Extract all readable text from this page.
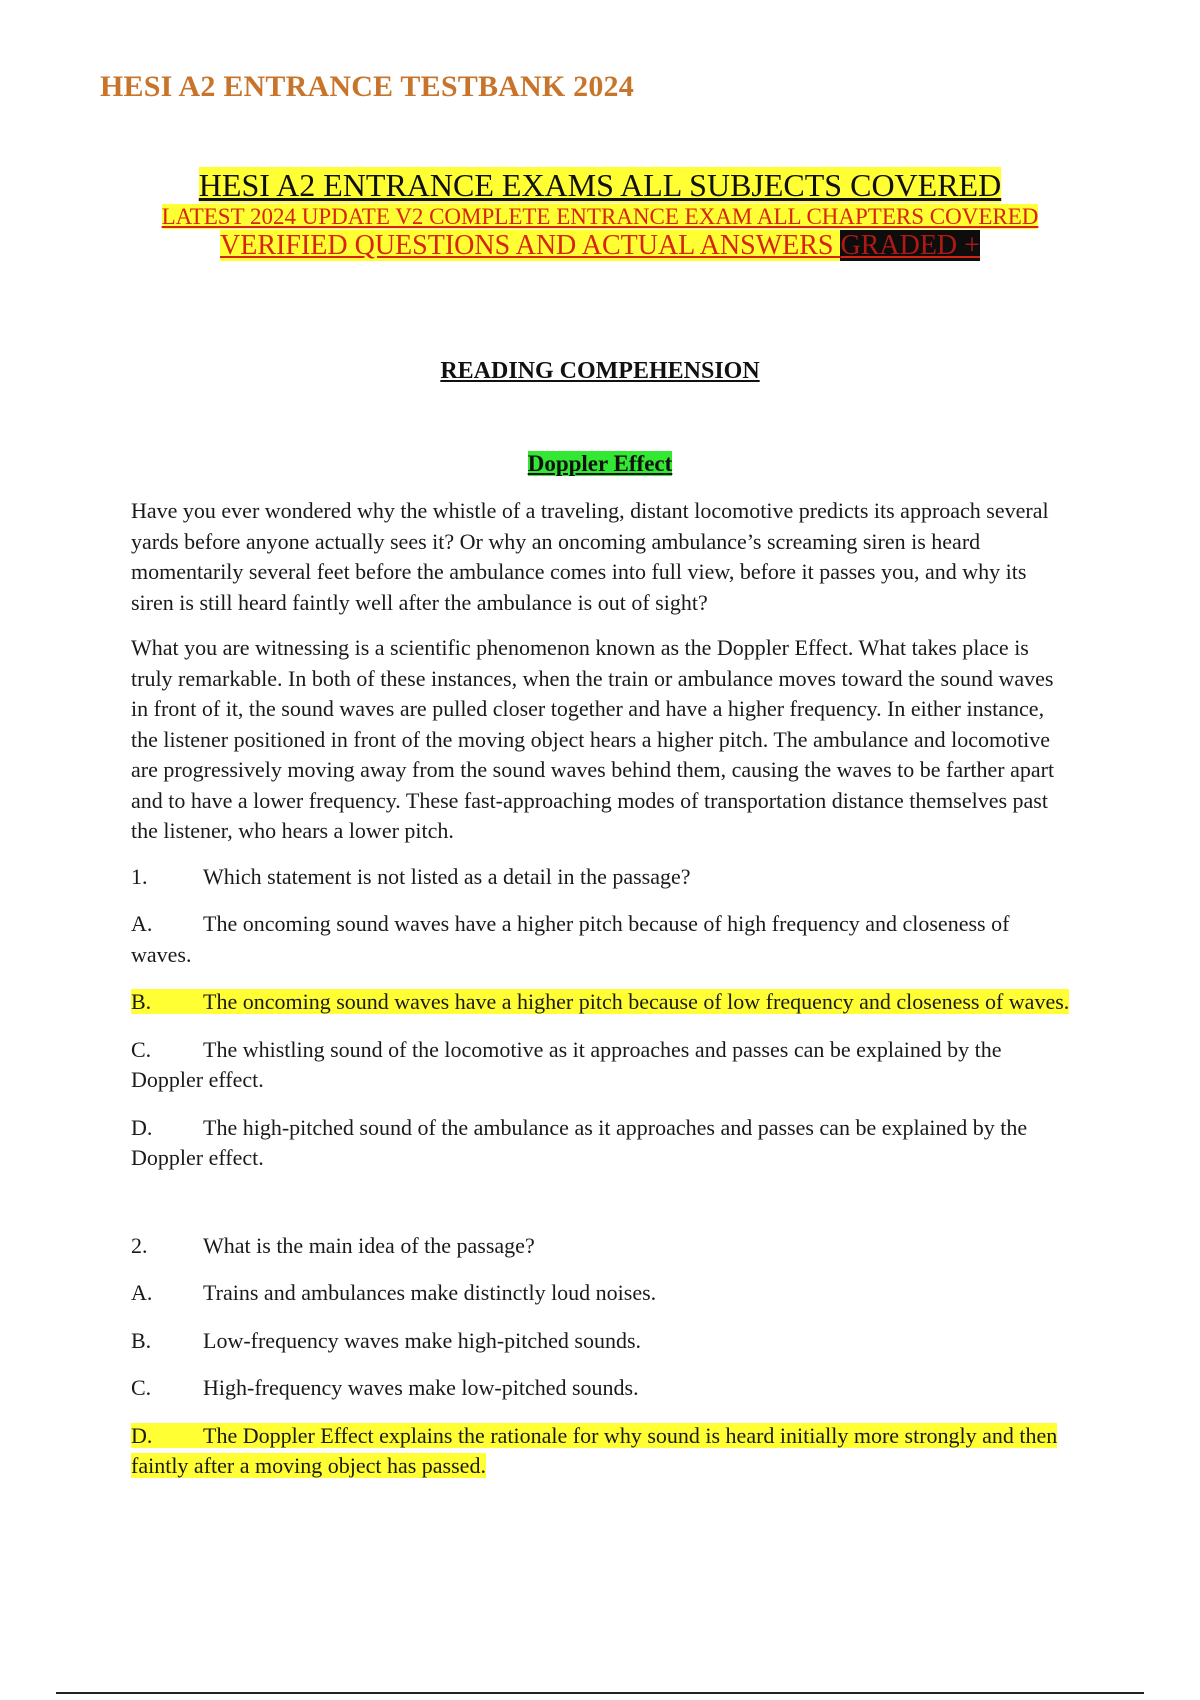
HESI A2 ENTRANCE TESTBANK 2024
HESI A2 ENTRANCE EXAMS ALL SUBJECTS COVERED
LATEST 2024 UPDATE V2 COMPLETE ENTRANCE EXAM ALL CHAPTERS COVERED
VERIFIED QUESTIONS AND ACTUAL ANSWERS GRADED +
READING COMPEHENSION
Doppler Effect

Have you ever wondered why the whistle of a traveling, distant locomotive predicts its approach several yards before anyone actually sees it? Or why an oncoming ambulance’s screaming siren is heard momentarily several feet before the ambulance comes into full view, before it passes you, and why its siren is still heard faintly well after the ambulance is out of sight?

What you are witnessing is a scientific phenomenon known as the Doppler Effect. What takes place is truly remarkable. In both of these instances, when the train or ambulance moves toward the sound waves in front of it, the sound waves are pulled closer together and have a higher frequency. In either instance, the listener positioned in front of the moving object hears a higher pitch. The ambulance and locomotive are progressively moving away from the sound waves behind them, causing the waves to be farther apart and to have a lower frequency. These fast-approaching modes of transportation distance themselves past the listener, who hears a lower pitch.

1.	Which statement is not listed as a detail in the passage?

A. The oncoming sound waves have a higher pitch because of high frequency and closeness of waves.

B. The oncoming sound waves have a higher pitch because of low frequency and closeness of waves.

C. The whistling sound of the locomotive as it approaches and passes can be explained by the Doppler effect.

D. The high-pitched sound of the ambulance as it approaches and passes can be explained by the Doppler effect.

2.	What is the main idea of the passage?

A. Trains and ambulances make distinctly loud noises.

B. Low-frequency waves make high-pitched sounds.

C. High-frequency waves make low-pitched sounds.

D. The Doppler Effect explains the rationale for why sound is heard initially more strongly and then faintly after a moving object has passed.
